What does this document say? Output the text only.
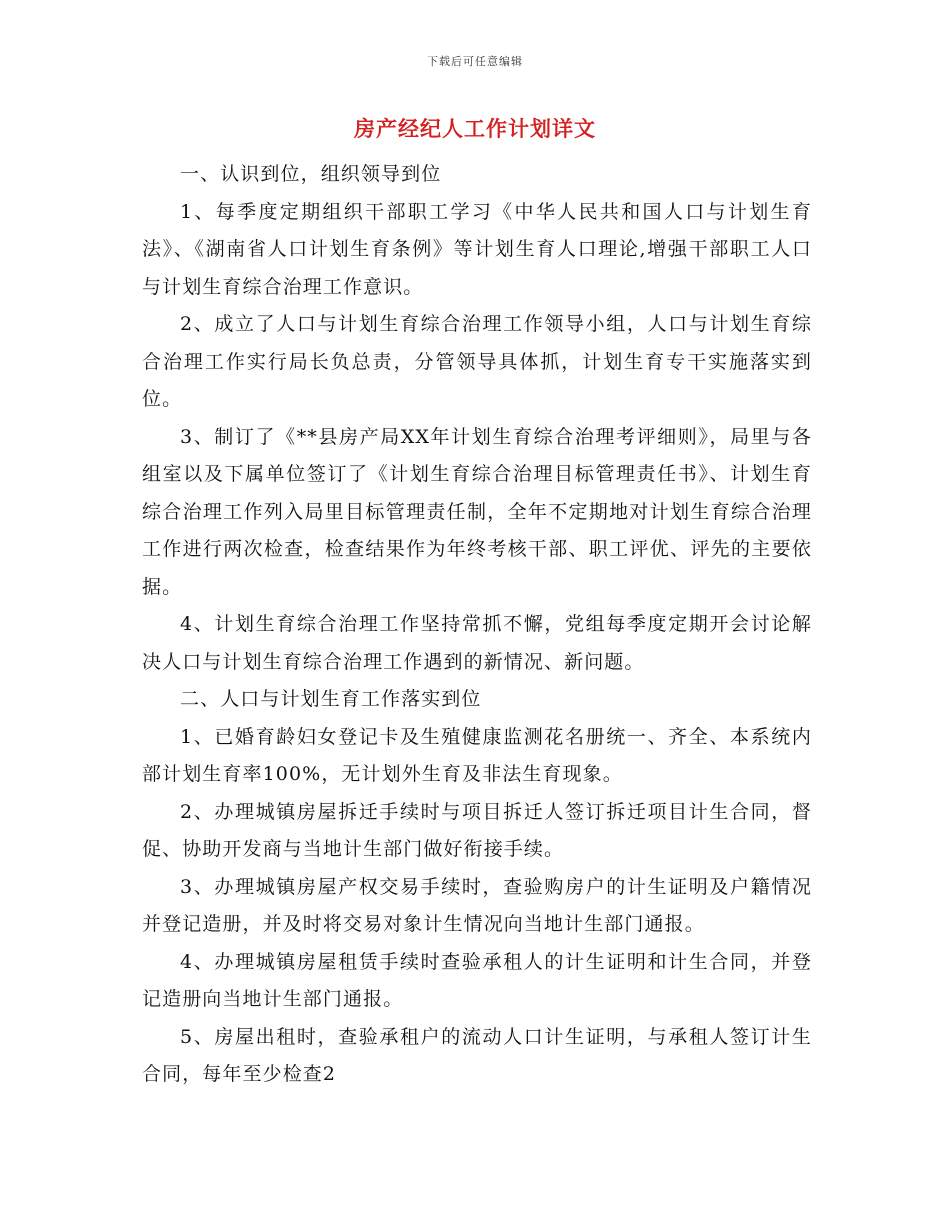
下载后可任意编辑
房产经纪人工作计划详文

一、认识到位，组织领导到位

1、每季度定期组织干部职工学习《中华人民共和国人口与计划生育法》、《湖南省人口计划生育条例》等计划生育人口理论,增强干部职工人口与计划生育综合治理工作意识。

2、成立了人口与计划生育综合治理工作领导小组，人口与计划生育综合治理工作实行局长负总责，分管领导具体抓，计划生育专干实施落实到位。

3、制订了《**县房产局XX年计划生育综合治理考评细则》，局里与各组室以及下属单位签订了《计划生育综合治理目标管理责任书》、计划生育综合治理工作列入局里目标管理责任制，全年不定期地对计划生育综合治理工作进行两次检查，检查结果作为年终考核干部、职工评优、评先的主要依据。

4、计划生育综合治理工作坚持常抓不懈，党组每季度定期开会讨论解决人口与计划生育综合治理工作遇到的新情况、新问题。

二、人口与计划生育工作落实到位

1、已婚育龄妇女登记卡及生殖健康监测花名册统一、齐全、本系统内部计划生育率100%，无计划外生育及非法生育现象。

2、办理城镇房屋拆迁手续时与项目拆迁人签订拆迁项目计生合同，督促、协助开发商与当地计生部门做好衔接手续。

3、办理城镇房屋产权交易手续时，查验购房户的计生证明及户籍情况并登记造册，并及时将交易对象计生情况向当地计生部门通报。

4、办理城镇房屋租赁手续时查验承租人的计生证明和计生合同，并登记造册向当地计生部门通报。

5、房屋出租时，查验承租户的流动人口计生证明，与承租人签订计生合同，每年至少检查2
